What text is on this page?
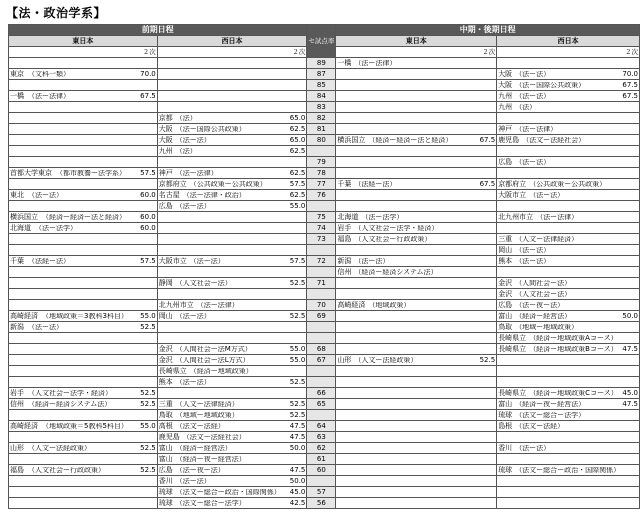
【法・政治学系】
前期日程		セ試点率	中期・後期日程	
東日本	西日本		東日本	西日本
２次	２次		２次	２次
		89	一橋 （法ー法律）	

東京 （文科一類） 70.0		87		大阪 （法ー法） 70.0

		85		大阪 （法ー国際公共政策） 67.5

一橋 （法ー法律） 67.5		84		九州 （法ー法） 67.5

		83		九州 （法）

	京都 （法） 65.0	82		

	大阪 （法ー国際公共政策） 62.5	81		神戸 （法ー法律）

	大阪 （法ー法） 65.0	80	横浜国立 （経済ー経済ー法と経済） 67.5	鹿児島 （法文ー法経社会）

	九州 （法） 62.5			

		79		広島 （法ー法）

首都大学東京 （都市教養ー法学系） 57.5	神戸 （法ー法律） 62.5	78		

	京都府立 （公共政策ー公共政策） 57.5	77	千葉 （法経ー法） 67.5	京都府立 （公共政策ー公共政策）

東北 （法ー法） 60.0	名古屋 （法ー法律・政治） 62.5	76		大阪市立 （法ー法）

	広島 （法ー法） 55.0			

横浜国立 （経済ー経済ー法と経済） 60.0		75	北海道 （法ー法学）	北九州市立 （法ー法律）

北海道 （法ー法学） 60.0		74	岩手 （人文社会ー法学・経済）	

		73	福島 （人文社会ー行政政策）	三重 （人文ー法律経済）

				岡山 （法ー法）

千葉 （法経ー法） 57.5	大阪市立 （法ー法） 57.5	72	新潟 （法ー法）	熊本 （法ー法）

			信州 （経済ー経済システム法）	

	静岡 （人文社会ー法） 52.5	71		金沢 （人間社会ー法）

				金沢 （人文社会ー法）

	北九州市立 （法ー法律）	70	高崎経済 （地域政策）	広島 （法ー夜ー法）

高崎経済 （地域政策＝3教科3科目） 55.0	岡山 （法ー法） 52.5	69		富山 （経済ー経営法） 50.0

新潟 （法ー法） 52.5				鳥取 （地域ー地域政策）

				長崎県立 （経済ー地域政策Aコース）

	金沢 （人間社会ー法M方式） 55.0	68		長崎県立 （経済ー地域政策Bコース） 47.5

	金沢 （人間社会ー法L方式） 55.0	67	山形 （人文ー法経政策） 52.5	

	長崎県立 （経済ー地域政策）			

	熊本 （法ー法） 52.5			

岩手 （人文社会ー法学・経済） 52.5		66		長崎県立 （経済ー地域政策Cコース） 45.0

信州 （経済ー経済システム法） 52.5	三重 （人文ー法律経済） 52.5	65		富山 （経済ー夜ー経営法） 47.5

	鳥取 （地域ー地域政策） 52.5			琉球 （法文ー総合ー法学）

高崎経済 （地域政策＝5教科5科目） 55.0	高根 （法文ー法経） 47.5	64		島根 （法文ー法経）

	鹿児島 （法文ー法経社会） 47.5	63		

山形 （人文ー法経政策） 52.5	富山 （経済ー経営法） 50.0	62		香川 （法ー法）

	富山 （経済ー夜ー経営法）	61		

福島 （人文社会ー行政政策） 52.5	広島 （法ー夜ー法） 47.5	60		琉球 （法文ー総合ー政治・国際関係）

	香川 （法ー法） 50.0			

	琉球 （法文ー総合ー政治・国際関係） 45.0	57		

	琉球 （法文ー総合ー法学） 42.5	56		
